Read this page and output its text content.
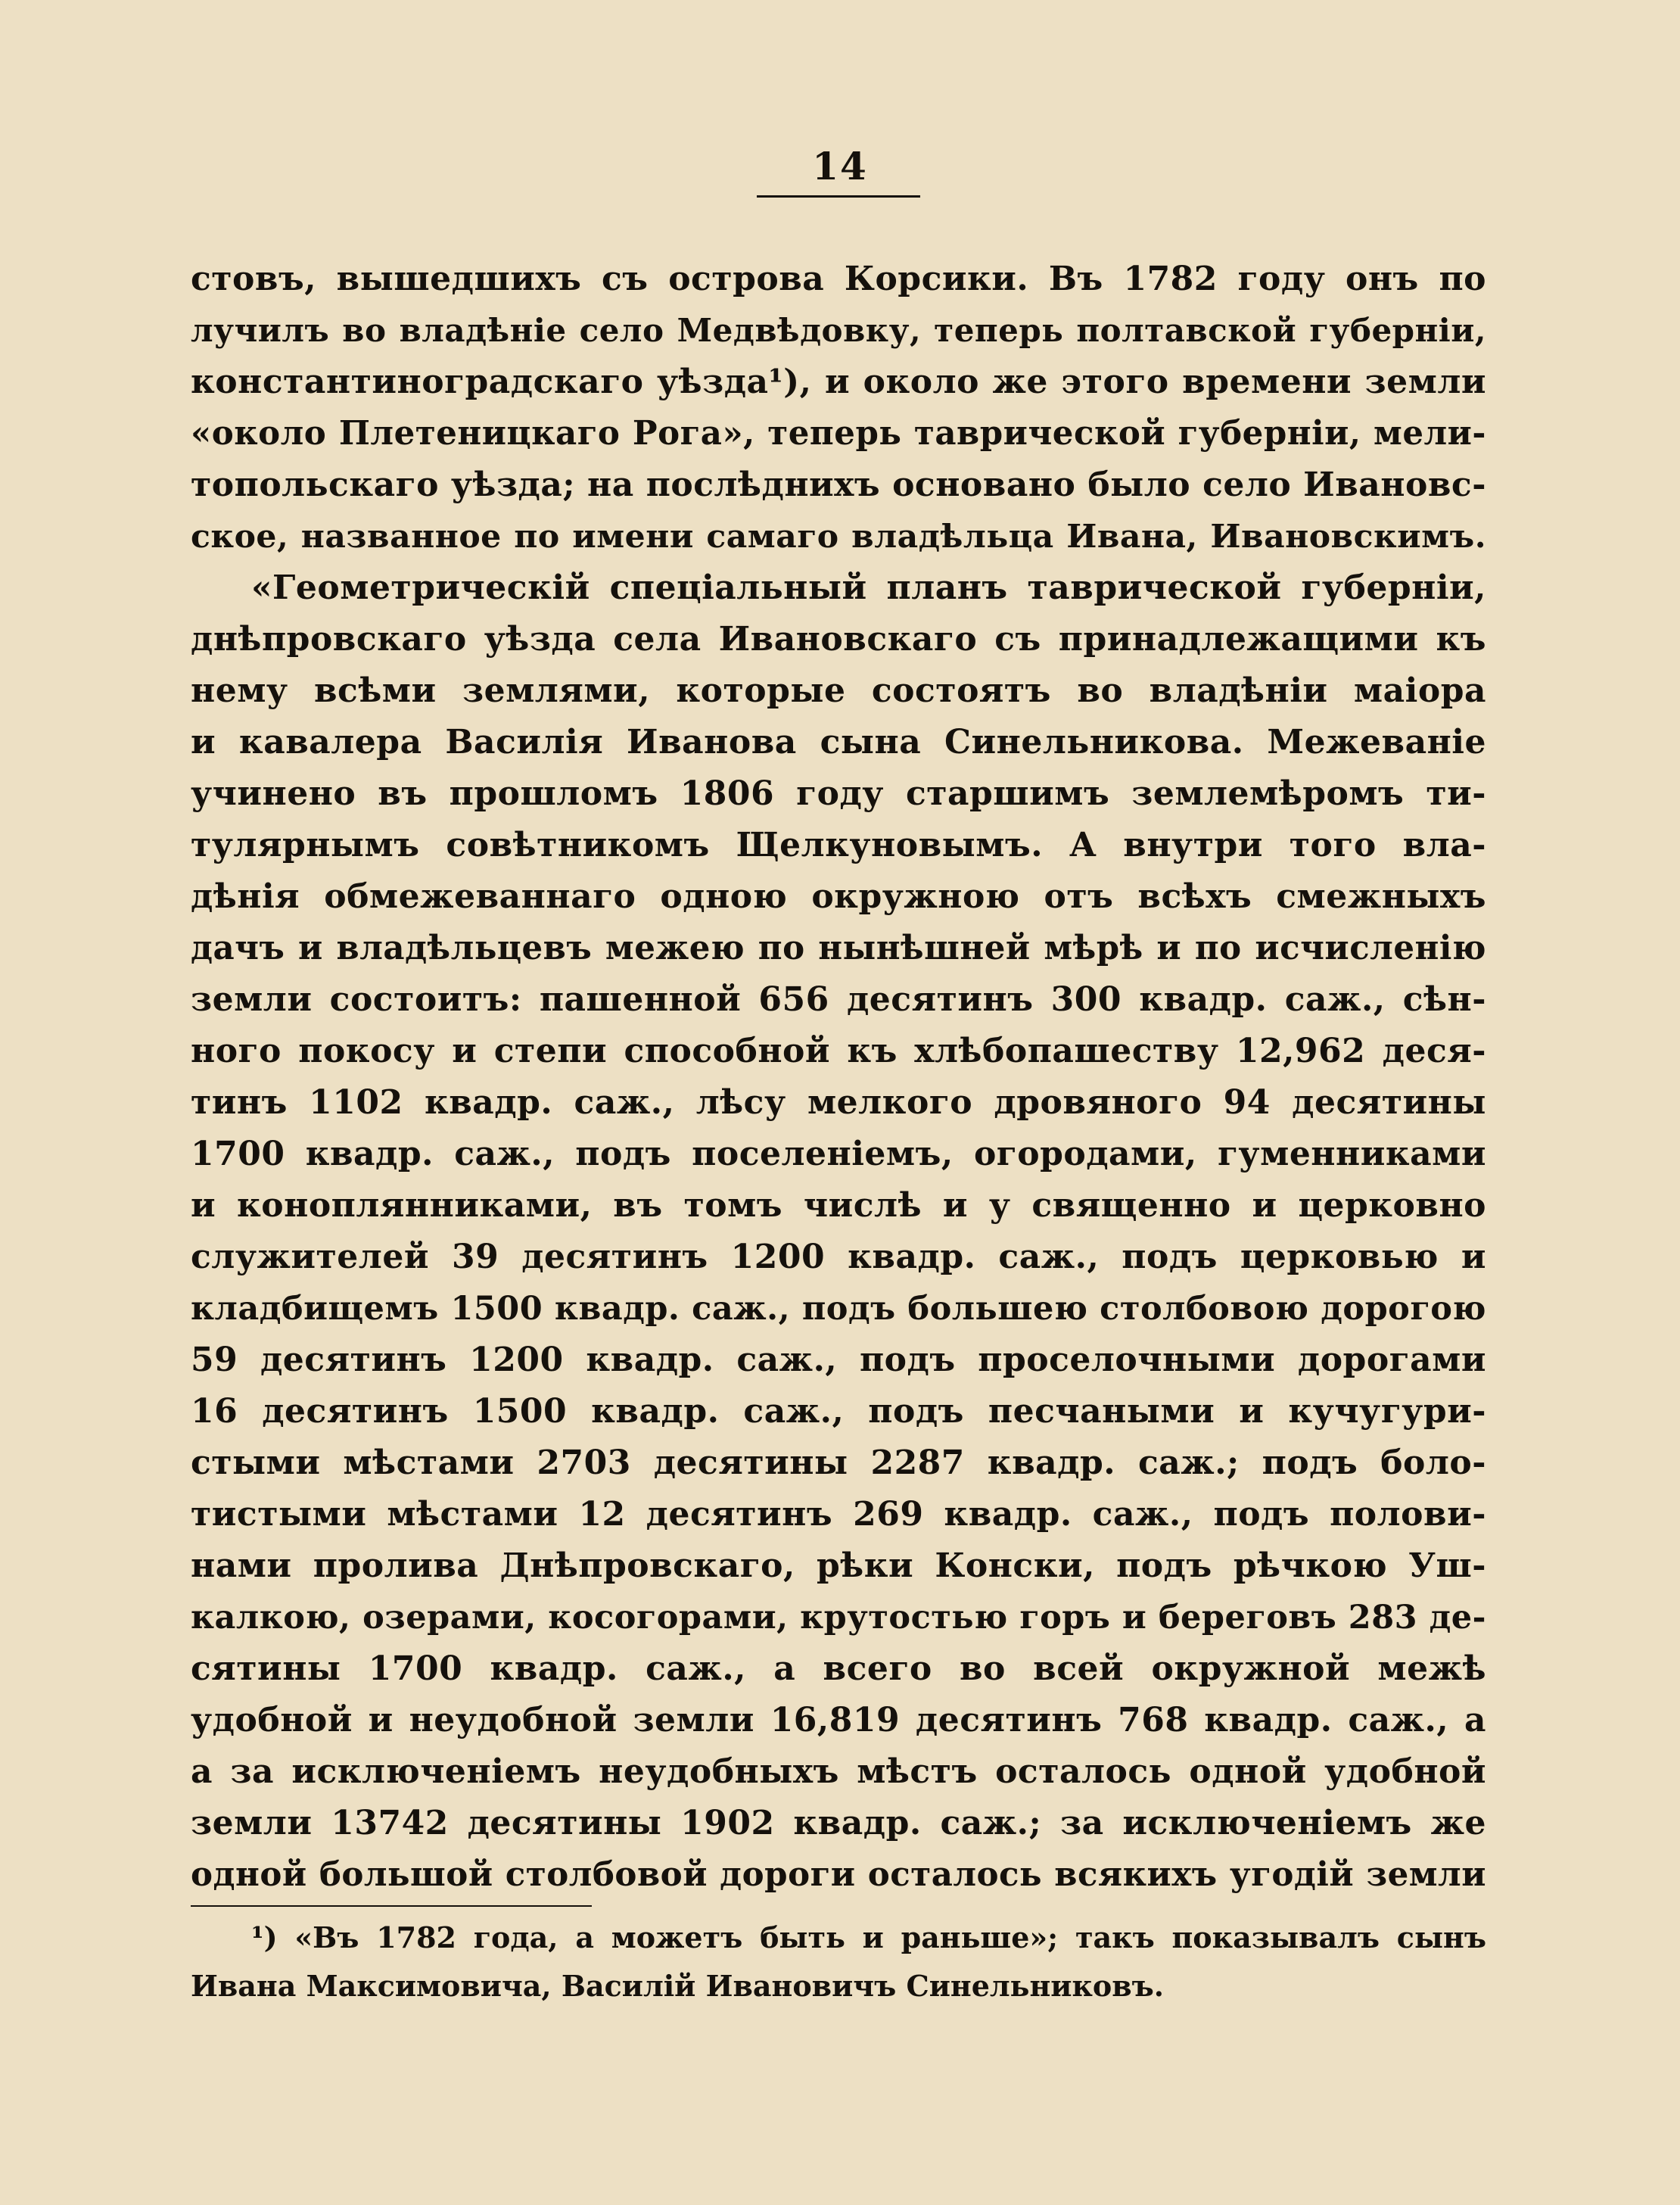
14
стовъ, вышедшихъ съ острова Корсики. Въ 1782 году онъ по
лучилъ во владѣніе село Медвѣдовку, теперь полтавской губерніи,
константиноградскаго уѣзда¹), и около же этого времени земли
«около Плетеницкаго Рога», теперь таврической губерніи, мели-
топольскаго уѣзда; на послѣднихъ основано было село Ивановс-
ское, названное по имени самаго владѣльца Ивана, Ивановскимъ.
«Геометрическій спеціальный планъ таврической губерніи,
днѣпровскаго уѣзда села Ивановскаго съ принадлежащими къ
нему всѣми землями, которые состоятъ во владѣніи маіора
и кавалера Василія Иванова сына Синельникова. Межеваніе
учинено въ прошломъ 1806 году старшимъ землемѣромъ ти-
тулярнымъ совѣтникомъ Щелкуновымъ. А внутри того вла-
дѣнія обмежеваннаго одною окружною отъ всѣхъ смежныхъ
дачъ и владѣльцевъ межею по нынѣшней мѣрѣ и по исчисленію
земли состоитъ: пашенной 656 десятинъ 300 квадр. саж., сѣн-
ного покосу и степи способной къ хлѣбопашеству 12,962 деся-
тинъ 1102 квадр. саж., лѣсу мелкого дровяного 94 десятины
1700 квадр. саж., подъ поселеніемъ, огородами, гуменниками
и коноплянниками, въ томъ числѣ и у священно и церковно
служителей 39 десятинъ 1200 квадр. саж., подъ церковью и
кладбищемъ 1500 квадр. саж., подъ большею столбовою дорогою
59 десятинъ 1200 квадр. саж., подъ проселочными дорогами
16 десятинъ 1500 квадр. саж., подъ песчаными и кучугури-
стыми мѣстами 2703 десятины 2287 квадр. саж.; подъ боло-
тистыми мѣстами 12 десятинъ 269 квадр. саж., подъ полови-
нами пролива Днѣпровскаго, рѣки Конски, подъ рѣчкою Уш-
калкою, озерами, косогорами, крутостью горъ и береговъ 283 де-
сятины 1700 квадр. саж., а всего во всей окружной межѣ
удобной и неудобной земли 16,819 десятинъ 768 квадр. саж., а
а за исключеніемъ неудобныхъ мѣстъ осталось одной удобной
земли 13742 десятины 1902 квадр. саж.; за исключеніемъ же
одной большой столбовой дороги осталось всякихъ угодій земли
¹) «Въ 1782 года, а можетъ быть и раньше»; такъ показывалъ сынъ
Ивана Максимовича, Василій Ивановичъ Синельниковъ.
